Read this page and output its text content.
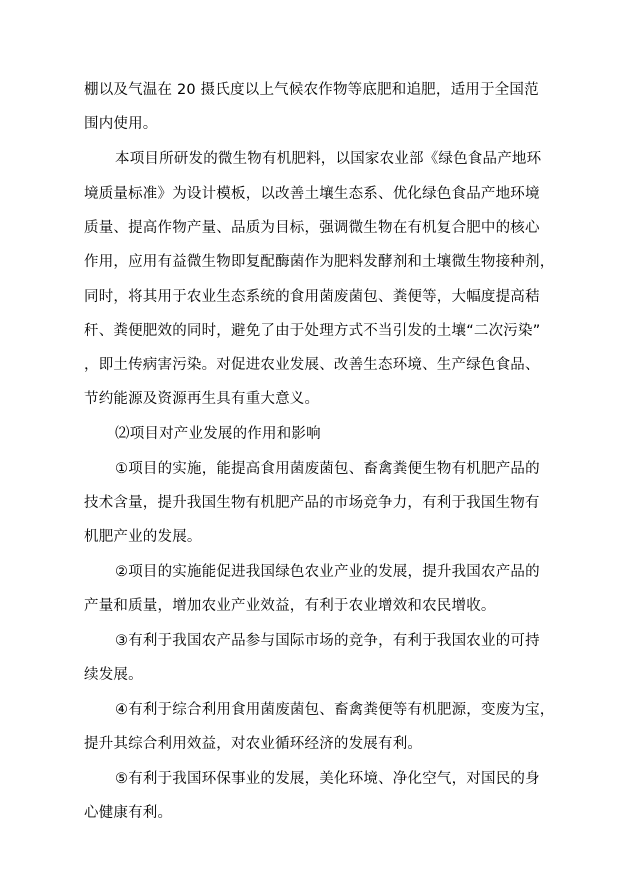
棚以及气温在 20 摄氏度以上气候农作物等底肥和追肥，适用于全国范
围内使用。
本项目所研发的微生物有机肥料，以国家农业部《绿色食品产地环
境质量标准》为设计模板，以改善土壤生态系、优化绿色食品产地环境
质量、提高作物产量、品质为目标，强调微生物在有机复合肥中的核心
作用，应用有益微生物即复配酶菌作为肥料发酵剂和土壤微生物接种剂，
同时，将其用于农业生态系统的食用菌废菌包、粪便等，大幅度提高秸
秆、粪便肥效的同时，避免了由于处理方式不当引发的土壤“二次污染”
，即土传病害污染。对促进农业发展、改善生态环境、生产绿色食品、
节约能源及资源再生具有重大意义。
⑵项目对产业发展的作用和影响
①项目的实施，能提高食用菌废菌包、畜禽粪便生物有机肥产品的
技术含量，提升我国生物有机肥产品的市场竞争力，有利于我国生物有
机肥产业的发展。
②项目的实施能促进我国绿色农业产业的发展，提升我国农产品的
产量和质量，增加农业产业效益，有利于农业增效和农民增收。
③有利于我国农产品参与国际市场的竞争，有利于我国农业的可持
续发展。
④有利于综合利用食用菌废菌包、畜禽粪便等有机肥源，变废为宝，
提升其综合利用效益，对农业循环经济的发展有利。
⑤有利于我国环保事业的发展，美化环境、净化空气，对国民的身
心健康有利。
